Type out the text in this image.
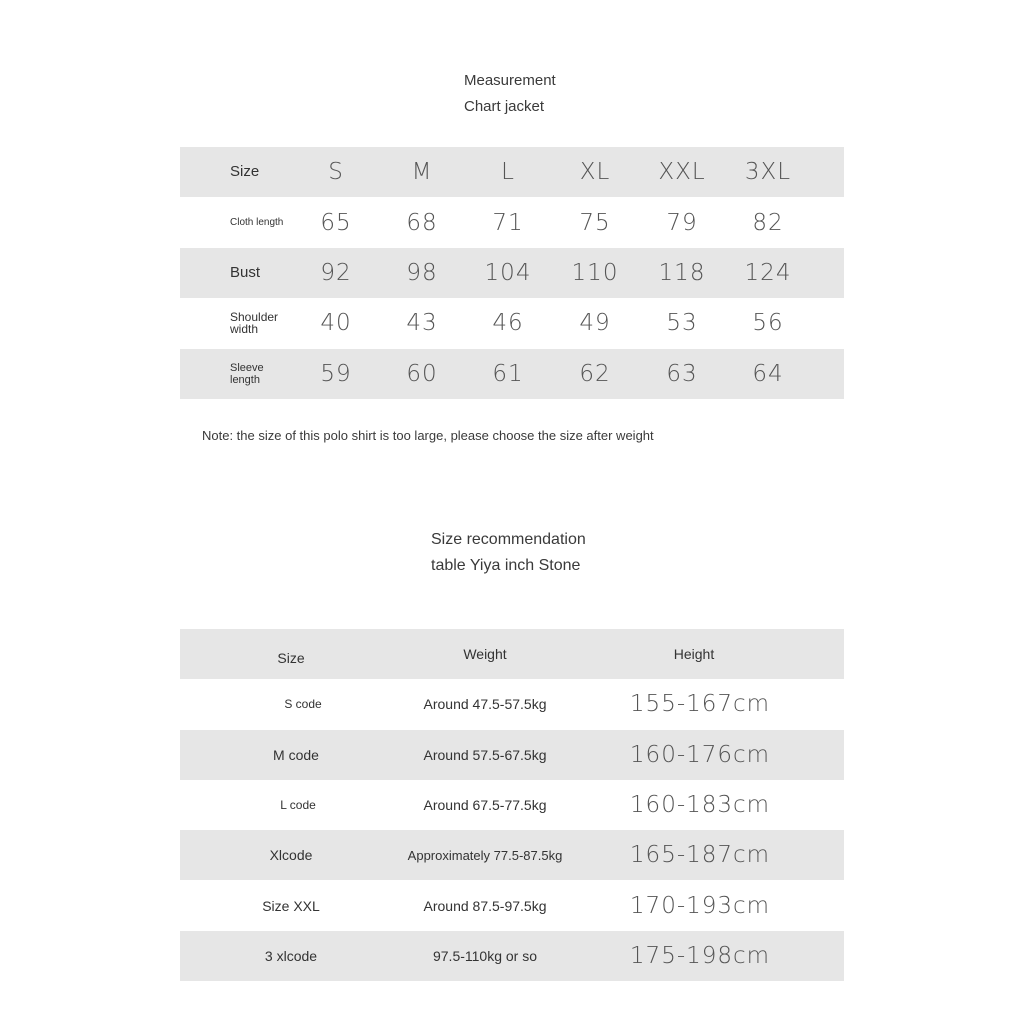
Measurement
Chart jacket
Size	S	M	L	XL	XXL	3XL
Cloth length	65	68	71	75	79	82
Bust	92	98	104	110	118	124
Shoulder width	40	43	46	49	53	56
Sleeve length	59	60	61	62	63	64
Note: the size of this polo shirt is too large, please choose the size after weight
Size recommendation
table Yiya inch Stone
Size	Weight	Height
S code	Around 47.5-57.5kg	155-167cm
M code	Around 57.5-67.5kg	160-176cm
L code	Around 67.5-77.5kg	160-183cm
Xlcode	Approximately 77.5-87.5kg	165-187cm
Size XXL	Around 87.5-97.5kg	170-193cm
3 xlcode	97.5-110kg or so	175-198cm
